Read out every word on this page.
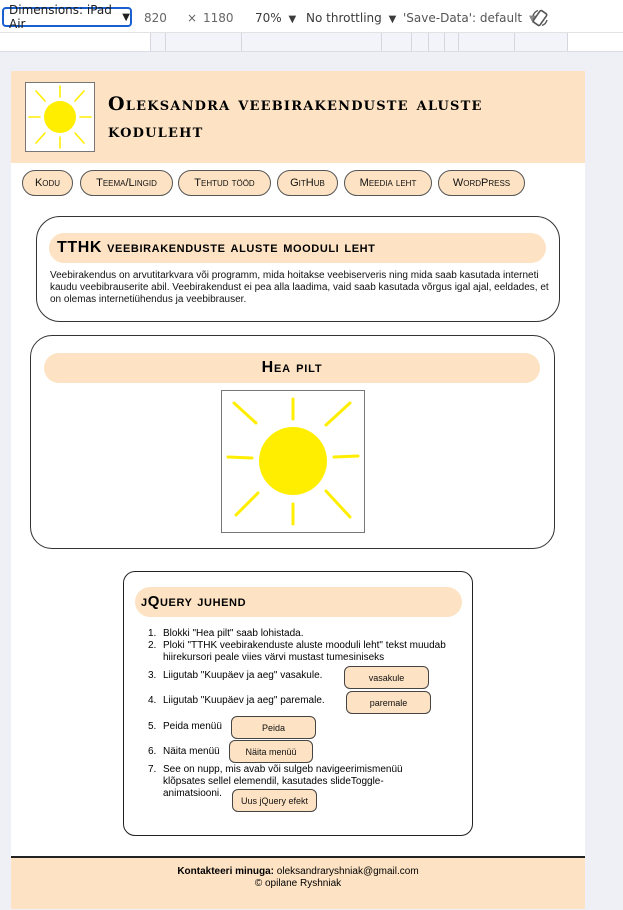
Dimensions: iPad Air	▼ 820 × 1180 70% ▼ No throttling ▼ 'Save-Data': default ▼
Oleksandra veebirakenduste aluste koduleht
Kodu	Teema/Lingid	Tehtud tööd	GitHub	Meedia leht	WordPress
TTHK veebirakenduste aluste mooduli leht

Veebirakendus on arvutitarkvara või programm, mida hoitakse veebiserveris ning mida saab kasutada interneti kaudu veebibrauserite abil. Veebirakendust ei pea alla laadima, vaid saab kasutada võrgus igal ajal, eeldades, et on olemas internetiühendus ja veebibrauser.

Hea pilt
jQuery juhend
1. Blokki "Hea pilt" saab lohistada.
2. Ploki "TTHK veebirakenduste aluste mooduli leht" tekst muudab hiirekursori peale viies värvi mustast tumesiniseks
3. Liigutab "Kuupäev ja aeg" vasakule.
4. Liigutab "Kuupäev ja aeg" paremale.
5. Peida menüü
6. Näita menüü
7. See on nupp, mis avab või sulgeb navigeerimismenüü klõpsates sellel elemendil, kasutades slideToggle-animatsiooni.
vasakule
paremale
Peida
Näita menüü
Uus jQuery efekt
Kontakteeri minuga: oleksandraryshniak@gmail.com
© opilane Ryshniak
